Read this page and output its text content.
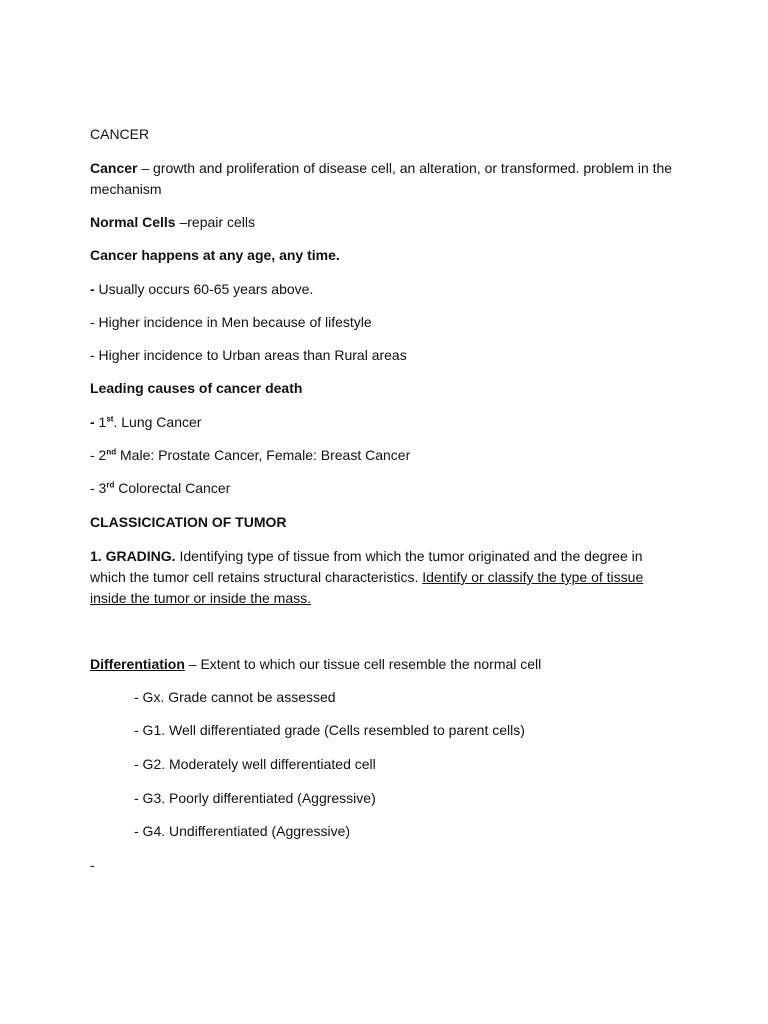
CANCER
Cancer – growth and proliferation of disease cell, an alteration, or transformed. problem in the mechanism
Normal Cells –repair cells
Cancer happens at any age, any time.
- Usually occurs 60-65 years above.
- Higher incidence in Men because of lifestyle
- Higher incidence to Urban areas than Rural areas
Leading causes of cancer death
- 1st. Lung Cancer
- 2nd Male: Prostate Cancer, Female: Breast Cancer
- 3rd Colorectal Cancer
CLASSICICATION OF TUMOR
1. GRADING. Identifying type of tissue from which the tumor originated and the degree in which the tumor cell retains structural characteristics. Identify or classify the type of tissue inside the tumor or inside the mass.
Differentiation – Extent to which our tissue cell resemble the normal cell
- Gx. Grade cannot be assessed
- G1. Well differentiated grade (Cells resembled to parent cells)
- G2. Moderately well differentiated cell
- G3. Poorly differentiated (Aggressive)
- G4. Undifferentiated (Aggressive)
-
